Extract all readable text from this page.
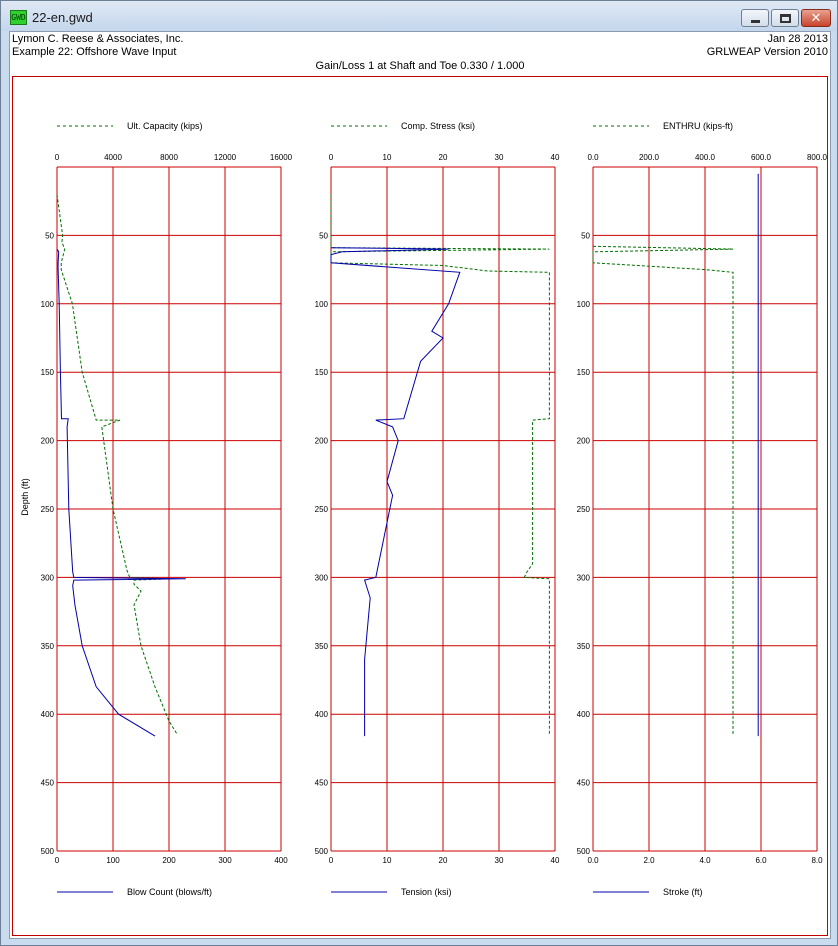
GWD 22-en.gwd	✕
Lymon C. Reese & Associates, Inc.
Example 22: Offshore Wave Input
Jan 28 2013
GRLWEAP Version 2010
Gain/Loss 1 at Shaft and Toe 0.330 / 1.000
50
100
150
200
250
300
350
400
450
500
0	4000	8000	12000	16000
0	100	200	300	400
Ult. Capacity (kips)
Blow Count (blows/ft)
Depth (ft)
50
100
150
200
250
300
350
400
450
500
0	10	20	30	40
0	10	20	30	40
Comp. Stress (ksi)
Tension (ksi)
50
100
150
200
250
300
350
400
450
500
0.0	200.0	400.0	600.0	800.0
0.0	2.0	4.0	6.0	8.0
ENTHRU (kips-ft)
Stroke (ft)
